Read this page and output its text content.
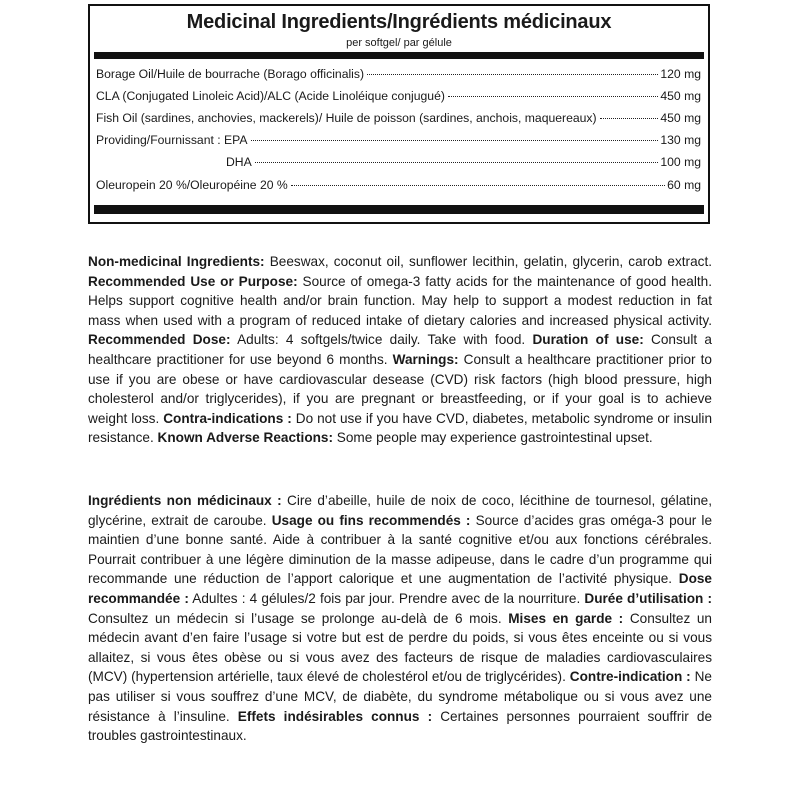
Medicinal Ingredients/Ingrédients médicinaux
per softgel/ par gélule
Borage Oil/Huile de bourrache (Borago officinalis)	120 mg
CLA (Conjugated Linoleic Acid)/ALC (Acide Linoléique conjugué)	450 mg
Fish Oil (sardines, anchovies, mackerels)/ Huile de poisson (sardines, anchois, maquereaux)	450 mg
Providing/Fournissant : EPA	130 mg
DHA	100 mg
Oleuropein 20 %/Oleuropéine 20 %	60 mg

Non-medicinal Ingredients: Beeswax, coconut oil, sunflower lecithin, gelatin, glycerin, carob extract. Recommended Use or Purpose: Source of omega-3 fatty acids for the maintenance of good health. Helps support cognitive health and/or brain function. May help to support a modest reduction in fat mass when used with a program of reduced intake of dietary calories and increased physical activity. Recommended Dose: Adults: 4 softgels/twice daily. Take with food. Duration of use: Consult a healthcare practitioner for use beyond 6 months. Warnings: Consult a healthcare practitioner prior to use if you are obese or have cardiovascular desease (CVD) risk factors (high blood pressure, high cholesterol and/or triglycerides), if you are pregnant or breastfeeding, or if your goal is to achieve weight loss. Contra-indications : Do not use if you have CVD, diabetes, metabolic syndrome or insulin resistance. Known Adverse Reactions: Some people may experience gastrointestinal upset.

Ingrédients non médicinaux : Cire d’abeille, huile de noix de coco, lécithine de tournesol, gélatine, glycérine, extrait de caroube. Usage ou fins recommendés : Source d’acides gras oméga-3 pour le maintien d’une bonne santé. Aide à contribuer à la santé cognitive et/ou aux fonctions cérébrales. Pourrait contribuer à une légère diminution de la masse adipeuse, dans le cadre d’un programme qui recommande une réduction de l’apport calorique et une augmentation de l’activité physique. Dose recommandée : Adultes : 4 gélules/2 fois par jour. Prendre avec de la nourriture. Durée d’utilisation : Consultez un médecin si l’usage se prolonge au-delà de 6 mois. Mises en garde : Consultez un médecin avant d’en faire l’usage si votre but est de perdre du poids, si vous êtes enceinte ou si vous allaitez, si vous êtes obèse ou si vous avez des facteurs de risque de maladies cardiovasculaires (MCV) (hypertension artérielle, taux élevé de cholestérol et/ou de triglycérides). Contre-indication : Ne pas utiliser si vous souffrez d’une MCV, de diabète, du syndrome métabolique ou si vous avez une résistance à l’insuline. Effets indésirables connus : Certaines personnes pourraient souffrir de troubles gastrointestinaux.
